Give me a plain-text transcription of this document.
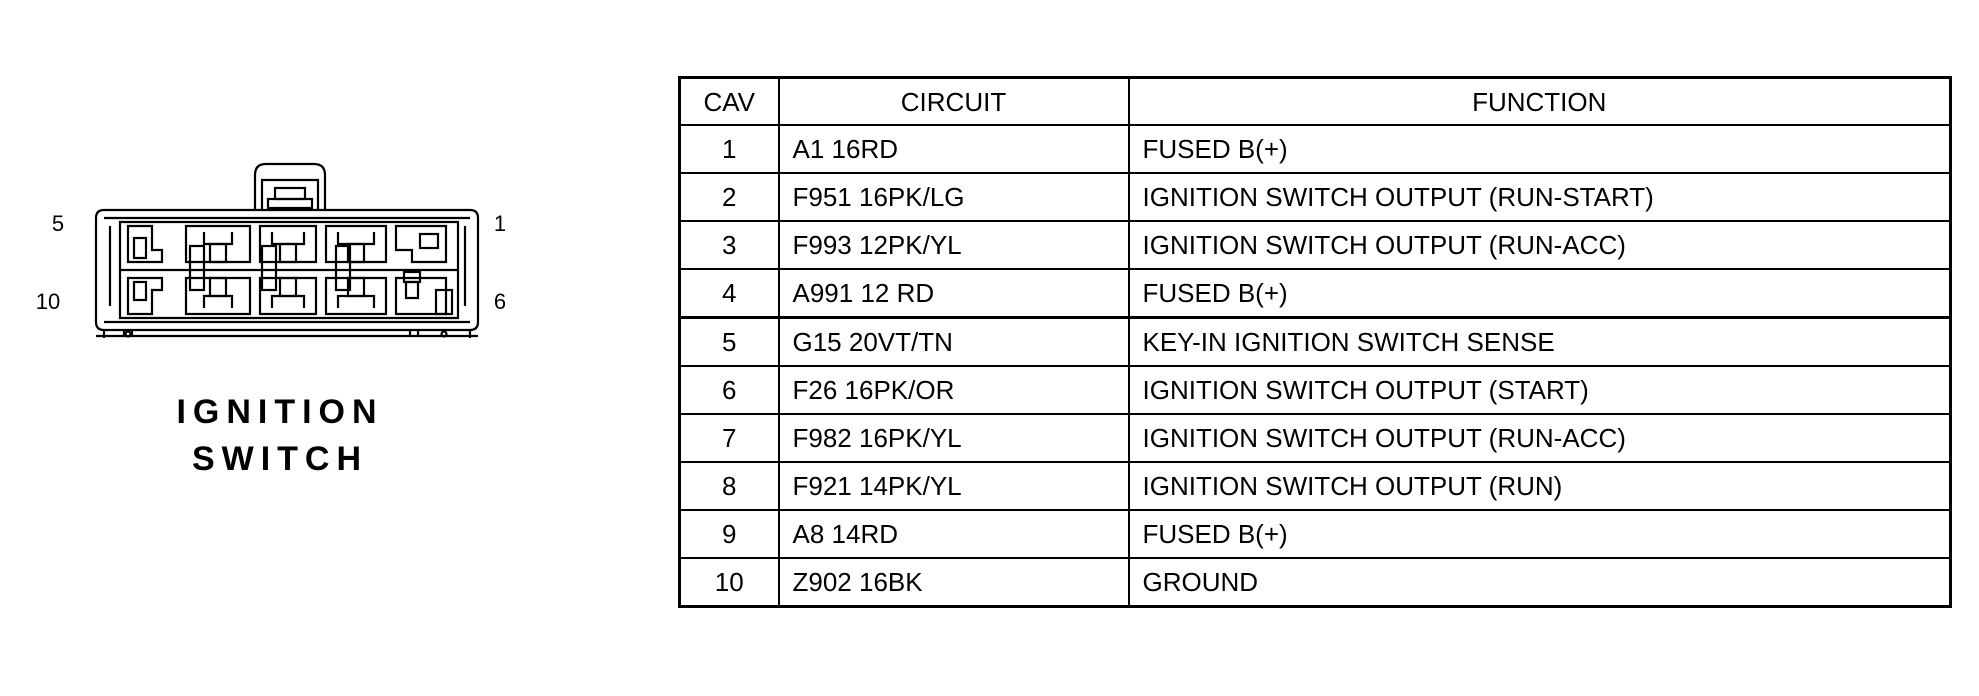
5	1
10	6
IGNITION
SWITCH
CAV	CIRCUIT	FUNCTION
1	A1 16RD	FUSED B(+)
2	F951 16PK/LG	IGNITION SWITCH OUTPUT (RUN-START)
3	F993 12PK/YL	IGNITION SWITCH OUTPUT (RUN-ACC)
4	A991 12 RD	FUSED B(+)
5	G15 20VT/TN	KEY-IN IGNITION SWITCH SENSE
6	F26 16PK/OR	IGNITION SWITCH OUTPUT (START)
7	F982 16PK/YL	IGNITION SWITCH OUTPUT (RUN-ACC)
8	F921 14PK/YL	IGNITION SWITCH OUTPUT (RUN)
9	A8 14RD	FUSED B(+)
10	Z902 16BK	GROUND
